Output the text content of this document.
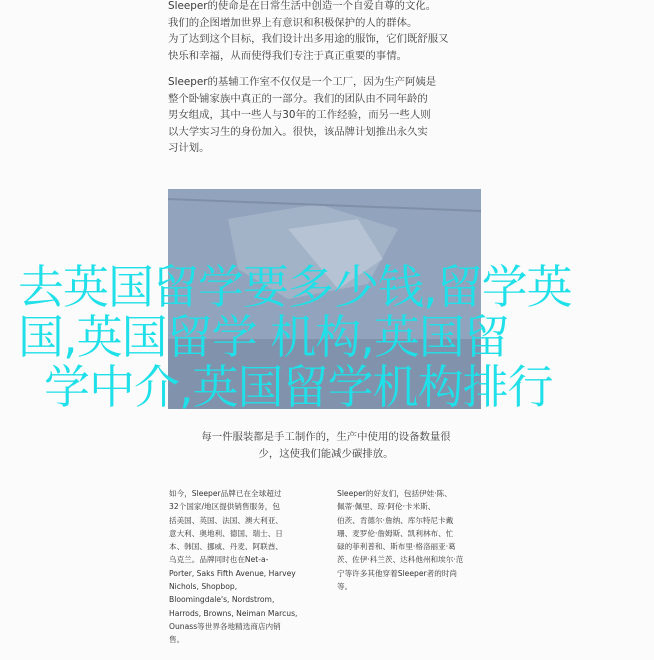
Sleeper的使命是在日常生活中创造一个自爱自尊的文化。
我们的企图增加世界上有意识和积极保护的人的群体。
为了达到这个目标，我们设计出多用途的服饰，它们既舒服又
快乐和幸福，从而使得我们专注于真正重要的事情。

Sleeper的基辅工作室不仅仅是一个工厂，因为生产阿姨是
整个卧铺家族中真正的一部分。我们的团队由不同年龄的
男女组成，其中一些人与30年的工作经验，而另一些人则
以大学实习生的身份加入。很快，该品牌计划推出永久实
习计划。

去英国留学要多少钱,留学英
国,英国留学 机构,英国留
学中介,英国留学机构排行

每一件服装都是手工制作的，生产中使用的设备数量很
少，这使我们能减少碳排放。

如今，Sleeper品牌已在全球超过
32个国家/地区提供销售服务，包
括美国、英国、法国、澳大利亚、
意大利、奥地利、德国、瑞士、日
本、韩国、挪威、丹麦、阿联酋、
乌克兰。品牌同时也在Net-a-
Porter, Saks Fifth Avenue, Harvey
Nichols, Shopbop,
Bloomingdale's, Nordstrom,
Harrods, Browns, Neiman Marcus,
Ounass等世界各地精选商店内销
售。

Sleeper的好友们，包括伊娃·陈、
佩蒂·佩里、琼·阿伦·卡米斯、
伯茨、肯德尔·詹纳、库尔特尼卡戴
珊、麦罗伦·詹姆斯、凯利林布、忙
碌的菲利普和、斯布里·格洛丽亚·葛
茨、佐伊·科兰茨、达科他州和埃尔·范
宁等许多其他穿着Sleeper者的时尚
等。
